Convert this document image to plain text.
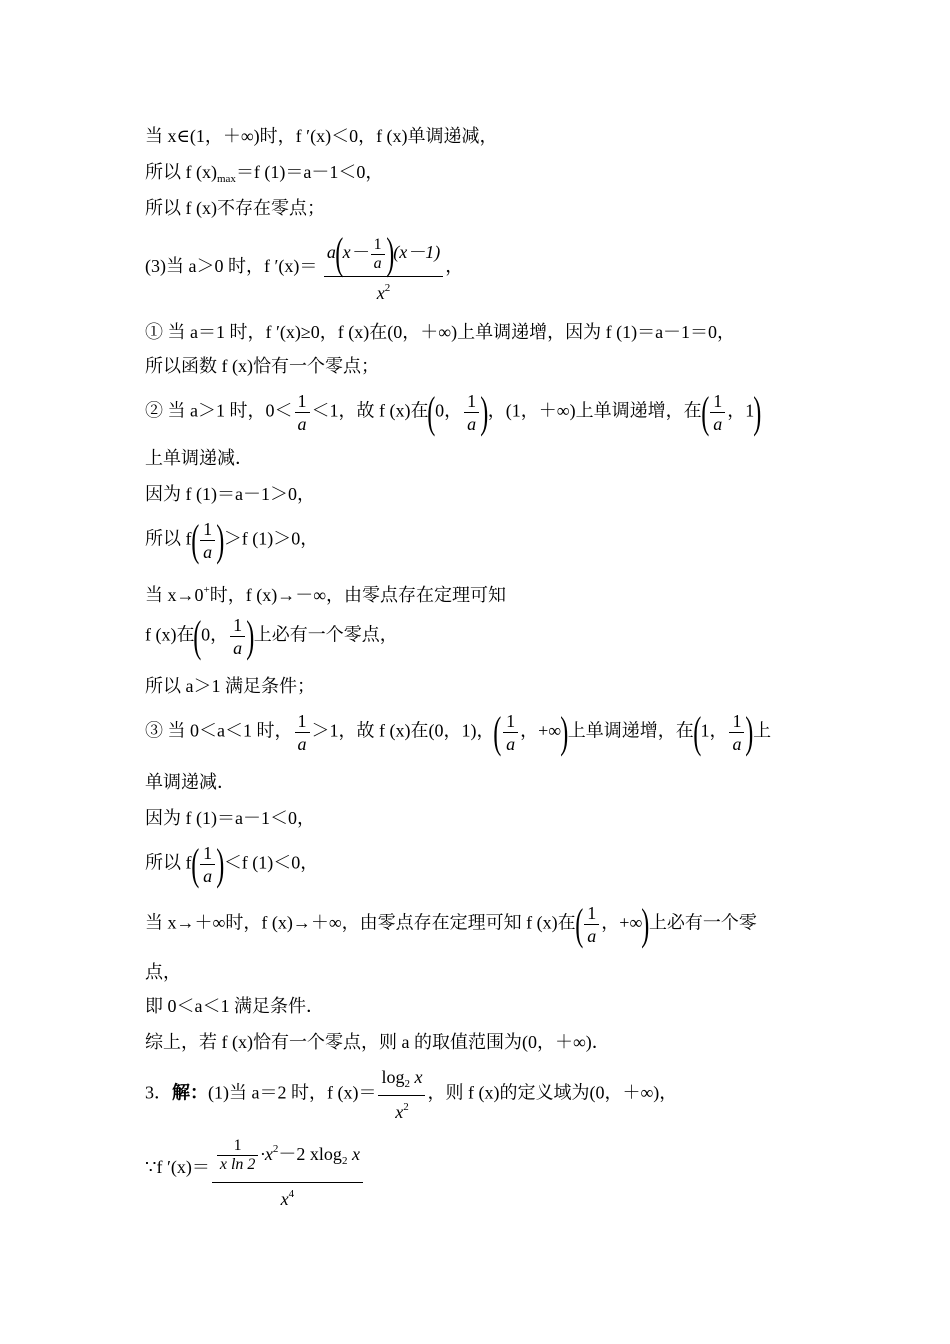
当 x∈(1，＋∞)时，f ′(x)＜0，f (x)单调递减，
所以 f $(x)_{max}=f$ (1)＝a－1＜0，
所以 f (x)不存在零点；
(3)当 a＞0 时，f $'(x)= \frac{a(x- \frac{1}{a} )(x-1)}{x^2}$ ，
① 当 a＝1 时，f ′(x)≥0，f (x)在(0，＋∞)上单调递增，因为 f (1)＝a－1＝0，
所以函数 f (x)恰有一个零点；
② 当 a＞1 时，$0< \frac{1}{a} <1$，故 f (x)在(0， $\frac{1}{a}$ )，(1，＋∞)上单调递增，在( $\frac{1}{a}$ ，1)
上单调递减．
因为 f (1)＝a－1＞0，
所以 $f( \frac{1}{a} )>f$ (1)＞0，
当 x→0+时，f (x)→－∞，由零点存在定理可知
f (x)在(0， $\frac{1}{a}$ )上必有一个零点，
所以 a＞1 满足条件；
③ 当 0＜a＜1 时， $\frac{1}{a} >1$，故 f (x)在(0，1)，( $\frac{1}{a}$ ，+∞)上单调递增，在(1， $\frac{1}{a}$ )上
单调递减．
因为 f (1)＝a－1＜0，
所以 $f( \frac{1}{a} )<f$ (1)＜0，
当 x→＋∞时，f (x)→＋∞，由零点存在定理可知 f (x)在( $\frac{1}{a}$ ，+∞)上必有一个零
点，
即 0＜a＜1 满足条件．
综上，若 f (x)恰有一个零点，则 a 的取值范围为(0，＋∞)．
3．解：(1)当 a＝2 时，f $(x)= \frac{\log_2 x}{x^2}$ ，则 f (x)的定义域为(0，＋∞)，
∵f $'(x)= \frac{\frac{1}{\text{x ln 2}} \cdot x^2-2 xlog_2 x}{x^4}$
